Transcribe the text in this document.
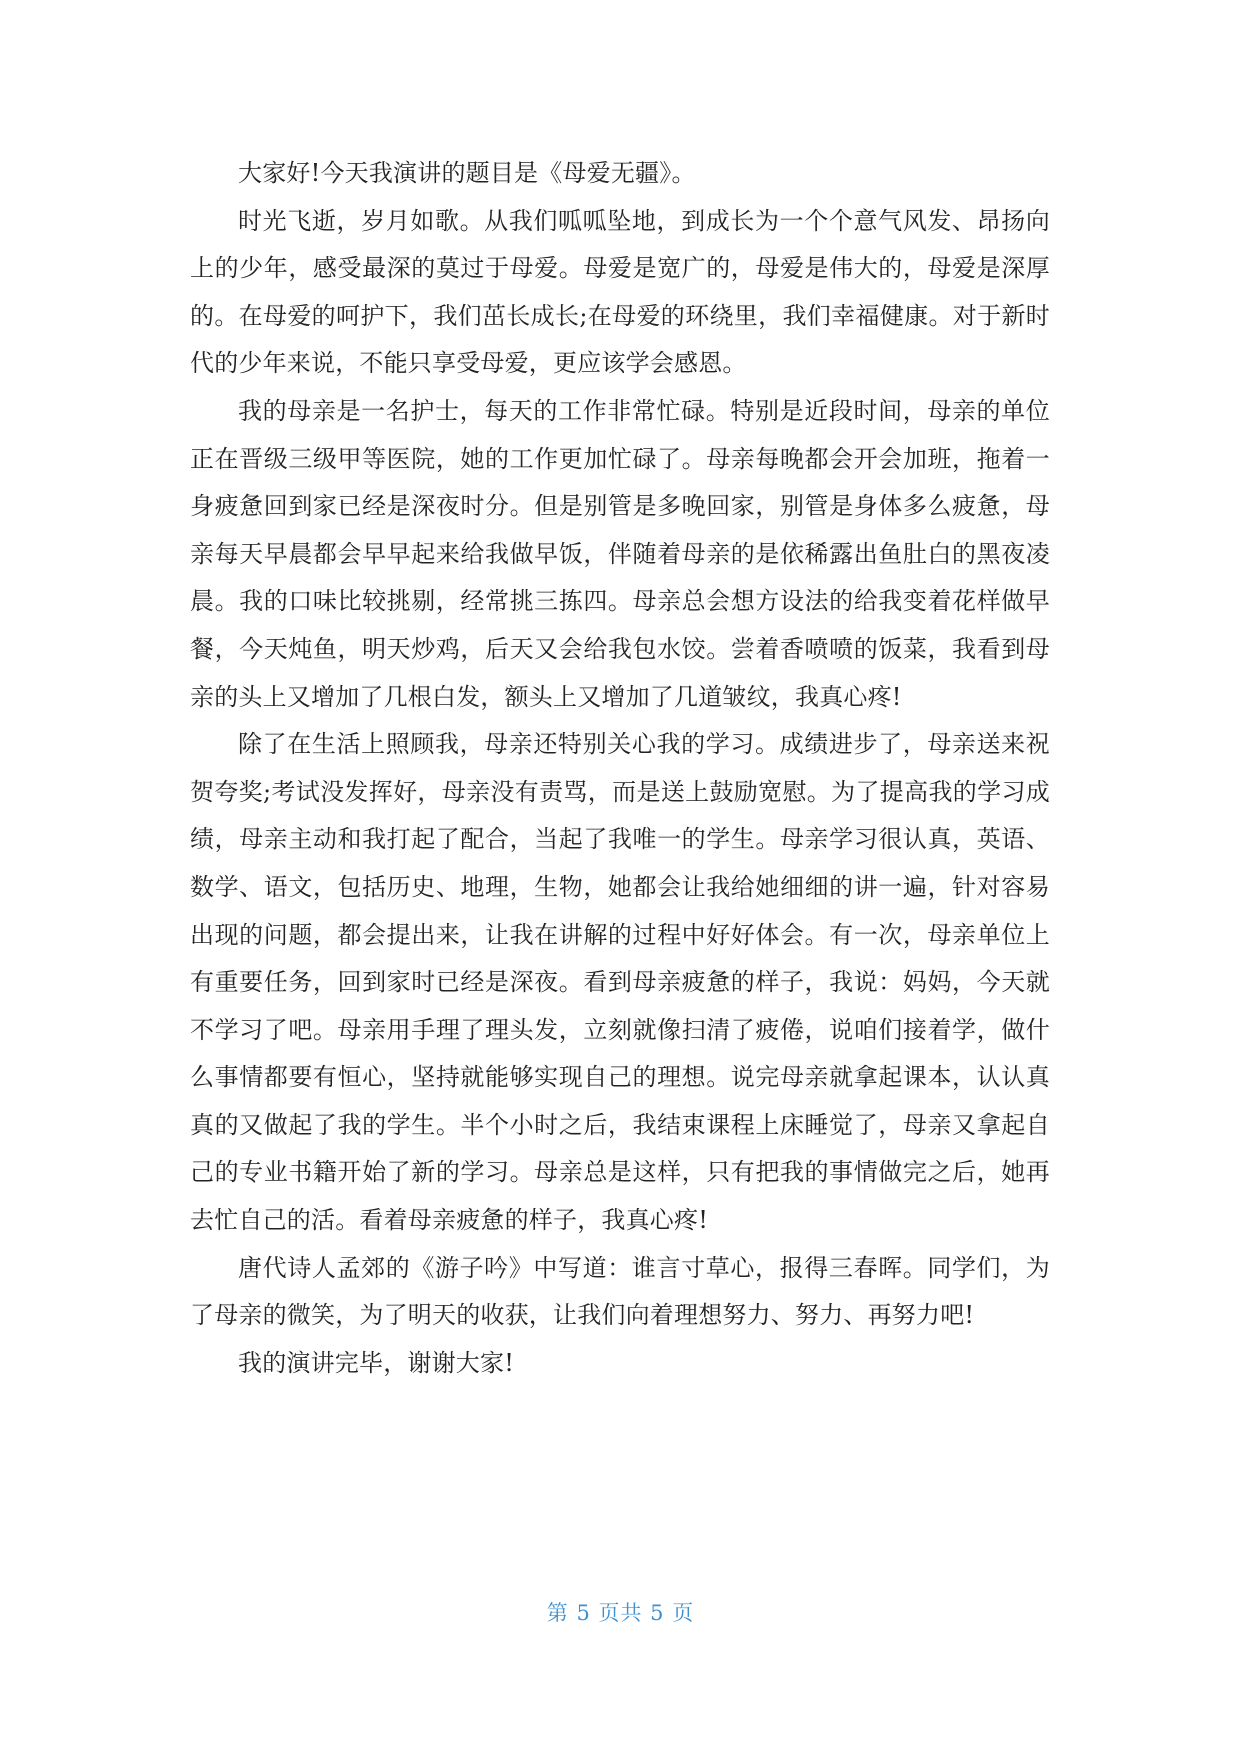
大家好!今天我演讲的题目是《母爱无疆》。

时光飞逝，岁月如歌。从我们呱呱坠地，到成长为一个个意气风发、昂扬向上的少年，感受最深的莫过于母爱。母爱是宽广的，母爱是伟大的，母爱是深厚的。在母爱的呵护下，我们茁长成长;在母爱的环绕里，我们幸福健康。对于新时代的少年来说，不能只享受母爱，更应该学会感恩。

我的母亲是一名护士，每天的工作非常忙碌。特别是近段时间，母亲的单位正在晋级三级甲等医院，她的工作更加忙碌了。母亲每晚都会开会加班，拖着一身疲惫回到家已经是深夜时分。但是别管是多晚回家，别管是身体多么疲惫，母亲每天早晨都会早早起来给我做早饭，伴随着母亲的是依稀露出鱼肚白的黑夜凌晨。我的口味比较挑剔，经常挑三拣四。母亲总会想方设法的给我变着花样做早餐，今天炖鱼，明天炒鸡，后天又会给我包水饺。尝着香喷喷的饭菜，我看到母亲的头上又增加了几根白发，额头上又增加了几道皱纹，我真心疼!

除了在生活上照顾我，母亲还特别关心我的学习。成绩进步了，母亲送来祝贺夸奖;考试没发挥好，母亲没有责骂，而是送上鼓励宽慰。为了提高我的学习成绩，母亲主动和我打起了配合，当起了我唯一的学生。母亲学习很认真，英语、数学、语文，包括历史、地理，生物，她都会让我给她细细的讲一遍，针对容易出现的问题，都会提出来，让我在讲解的过程中好好体会。有一次，母亲单位上有重要任务，回到家时已经是深夜。看到母亲疲惫的样子，我说：妈妈，今天就不学习了吧。母亲用手理了理头发，立刻就像扫清了疲倦，说咱们接着学，做什么事情都要有恒心，坚持就能够实现自己的理想。说完母亲就拿起课本，认认真真的又做起了我的学生。半个小时之后，我结束课程上床睡觉了，母亲又拿起自己的专业书籍开始了新的学习。母亲总是这样，只有把我的事情做完之后，她再去忙自己的活。看着母亲疲惫的样子，我真心疼!

唐代诗人孟郊的《游子吟》中写道：谁言寸草心，报得三春晖。同学们，为了母亲的微笑，为了明天的收获，让我们向着理想努力、努力、再努力吧!

我的演讲完毕，谢谢大家!

第 5 页共 5 页
